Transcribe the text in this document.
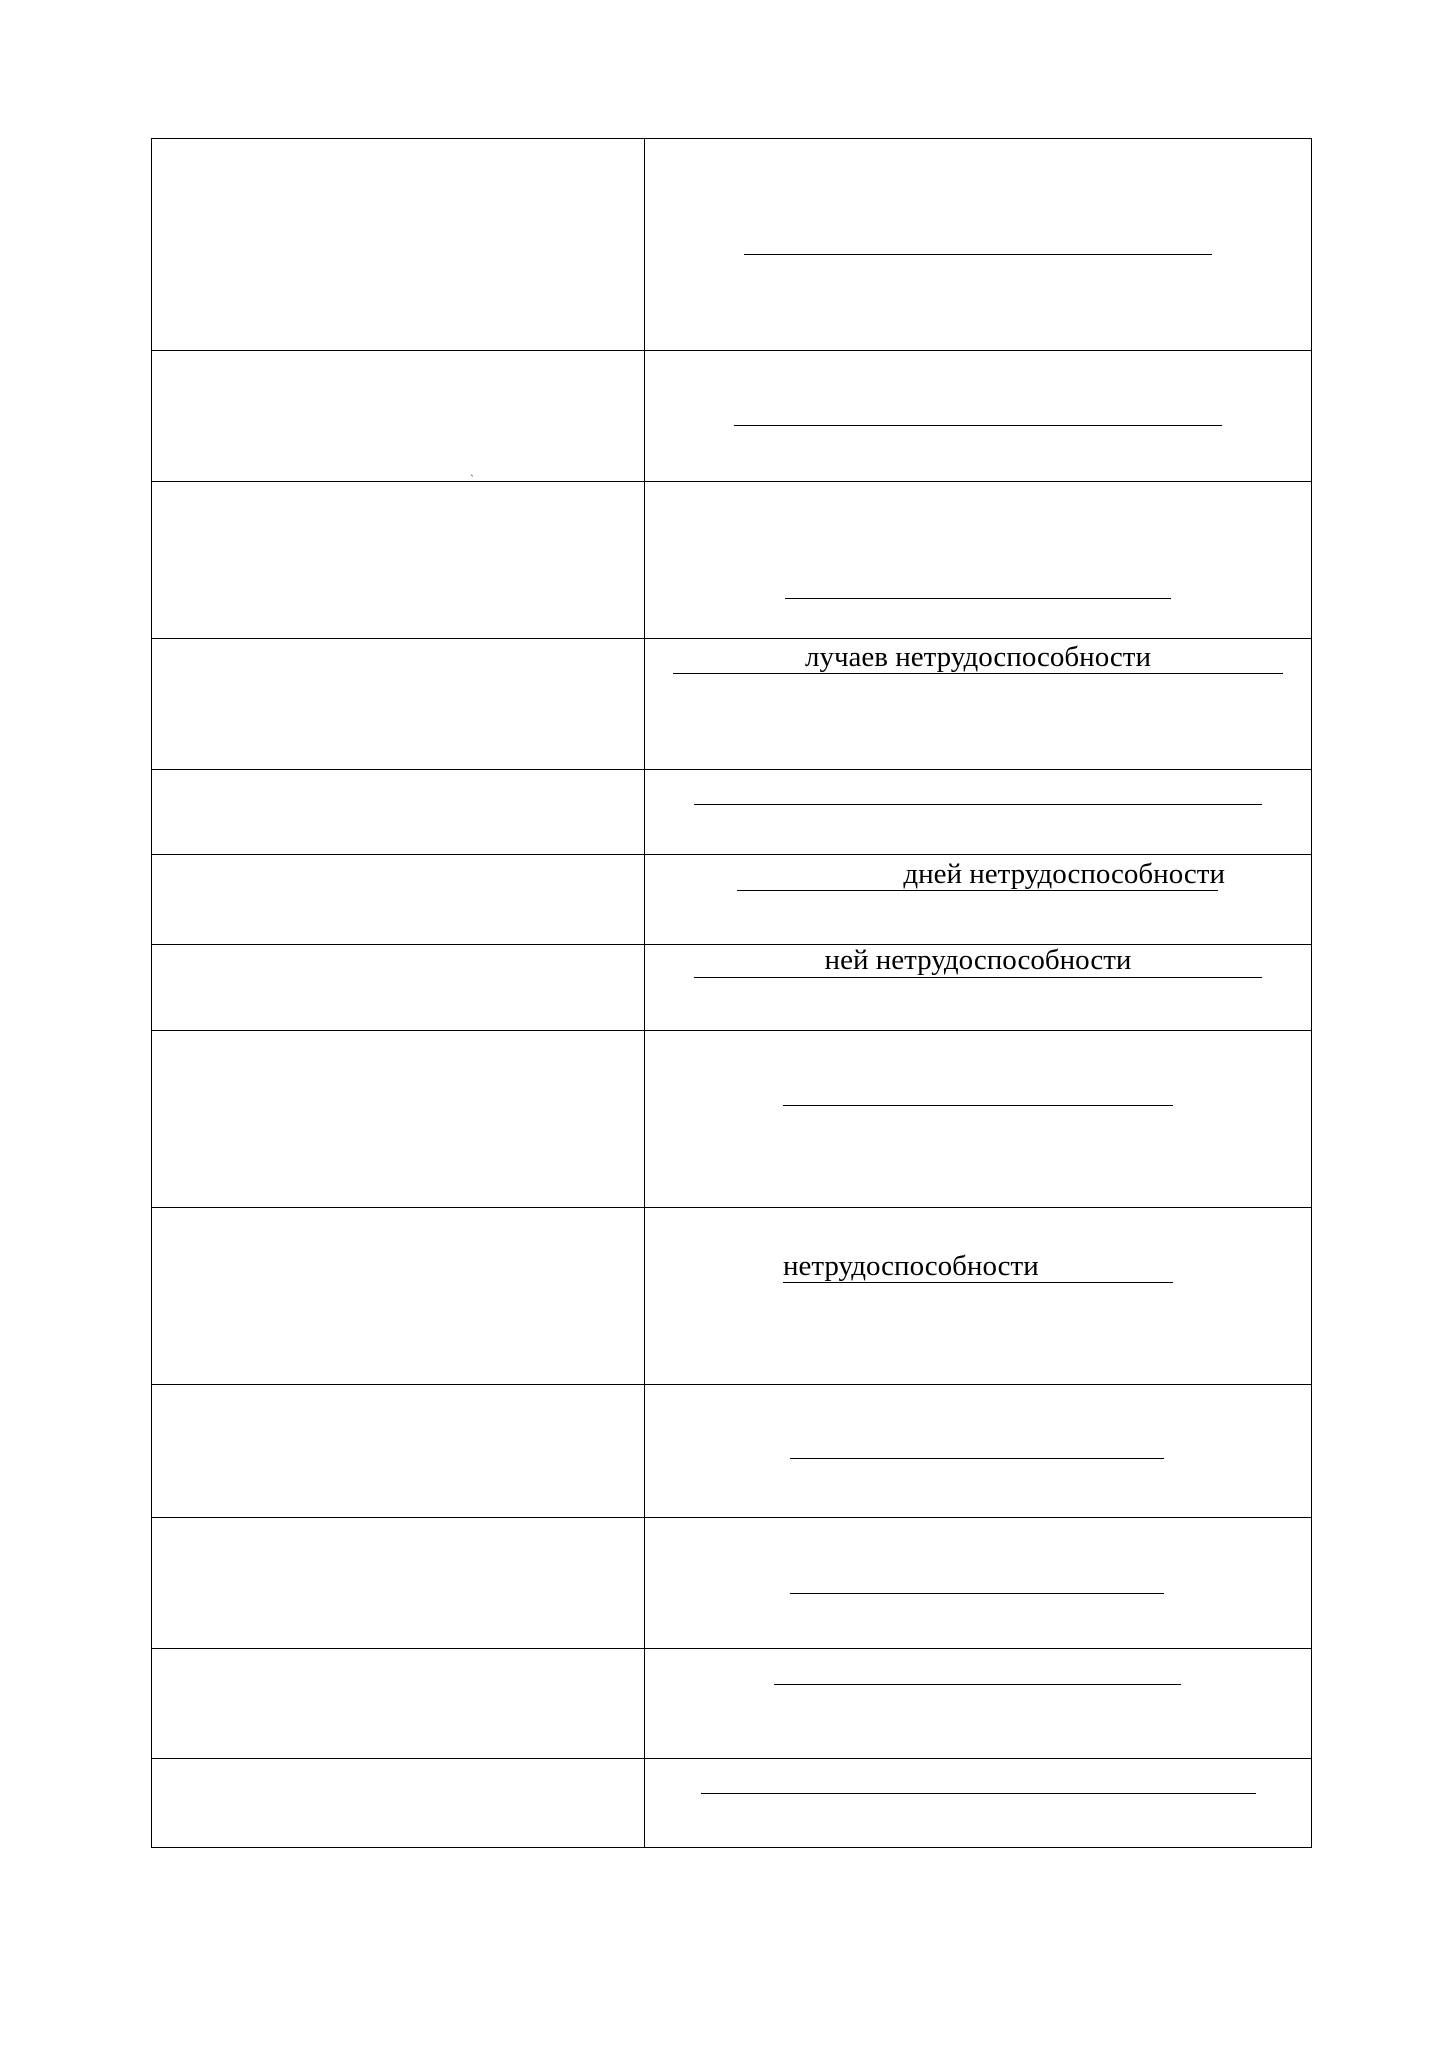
`	

	лучаев нетрудоспособности

	дней нетрудоспособности

	ней нетрудоспособности

	нетрудоспособности
